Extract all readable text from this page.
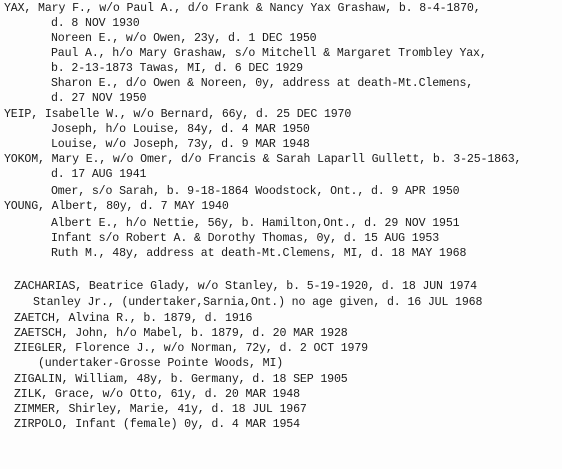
YAX, Mary F., w/o Paul A., d/o Frank & Nancy Yax Grashaw, b. 8-4-1870,
d. 8 NOV 1930
Noreen E., w/o Owen, 23y, d. 1 DEC 1950
Paul A., h/o Mary Grashaw, s/o Mitchell & Margaret Trombley Yax,
b. 2-13-1873 Tawas, MI, d. 6 DEC 1929
Sharon E., d/o Owen & Noreen, 0y, address at death-Mt.Clemens,
d. 27 NOV 1950
YEIP, Isabelle W., w/o Bernard, 66y, d. 25 DEC 1970
Joseph, h/o Louise, 84y, d. 4 MAR 1950
Louise, w/o Joseph, 73y, d. 9 MAR 1948
YOKOM, Mary E., w/o Omer, d/o Francis & Sarah Laparll Gullett, b. 3-25-1863,
d. 17 AUG 1941
Omer, s/o Sarah, b. 9-18-1864 Woodstock, Ont., d. 9 APR 1950
YOUNG, Albert, 80y, d. 7 MAY 1940
Albert E., h/o Nettie, 56y, b. Hamilton,Ont., d. 29 NOV 1951
Infant s/o Robert A. & Dorothy Thomas, 0y, d. 15 AUG 1953
Ruth M., 48y, address at death-Mt.Clemens, MI, d. 18 MAY 1968
ZACHARIAS, Beatrice Glady, w/o Stanley, b. 5-19-1920, d. 18 JUN 1974
Stanley Jr., (undertaker,Sarnia,Ont.) no age given, d. 16 JUL 1968
ZAETCH, Alvina R., b. 1879, d. 1916
ZAETSCH, John, h/o Mabel, b. 1879, d. 20 MAR 1928
ZIEGLER, Florence J., w/o Norman, 72y, d. 2 OCT 1979
(undertaker-Grosse Pointe Woods, MI)
ZIGALIN, William, 48y, b. Germany, d. 18 SEP 1905
ZILK, Grace, w/o Otto, 61y, d. 20 MAR 1948
ZIMMER, Shirley, Marie, 41y, d. 18 JUL 1967
ZIRPOLO, Infant (female) 0y, d. 4 MAR 1954
